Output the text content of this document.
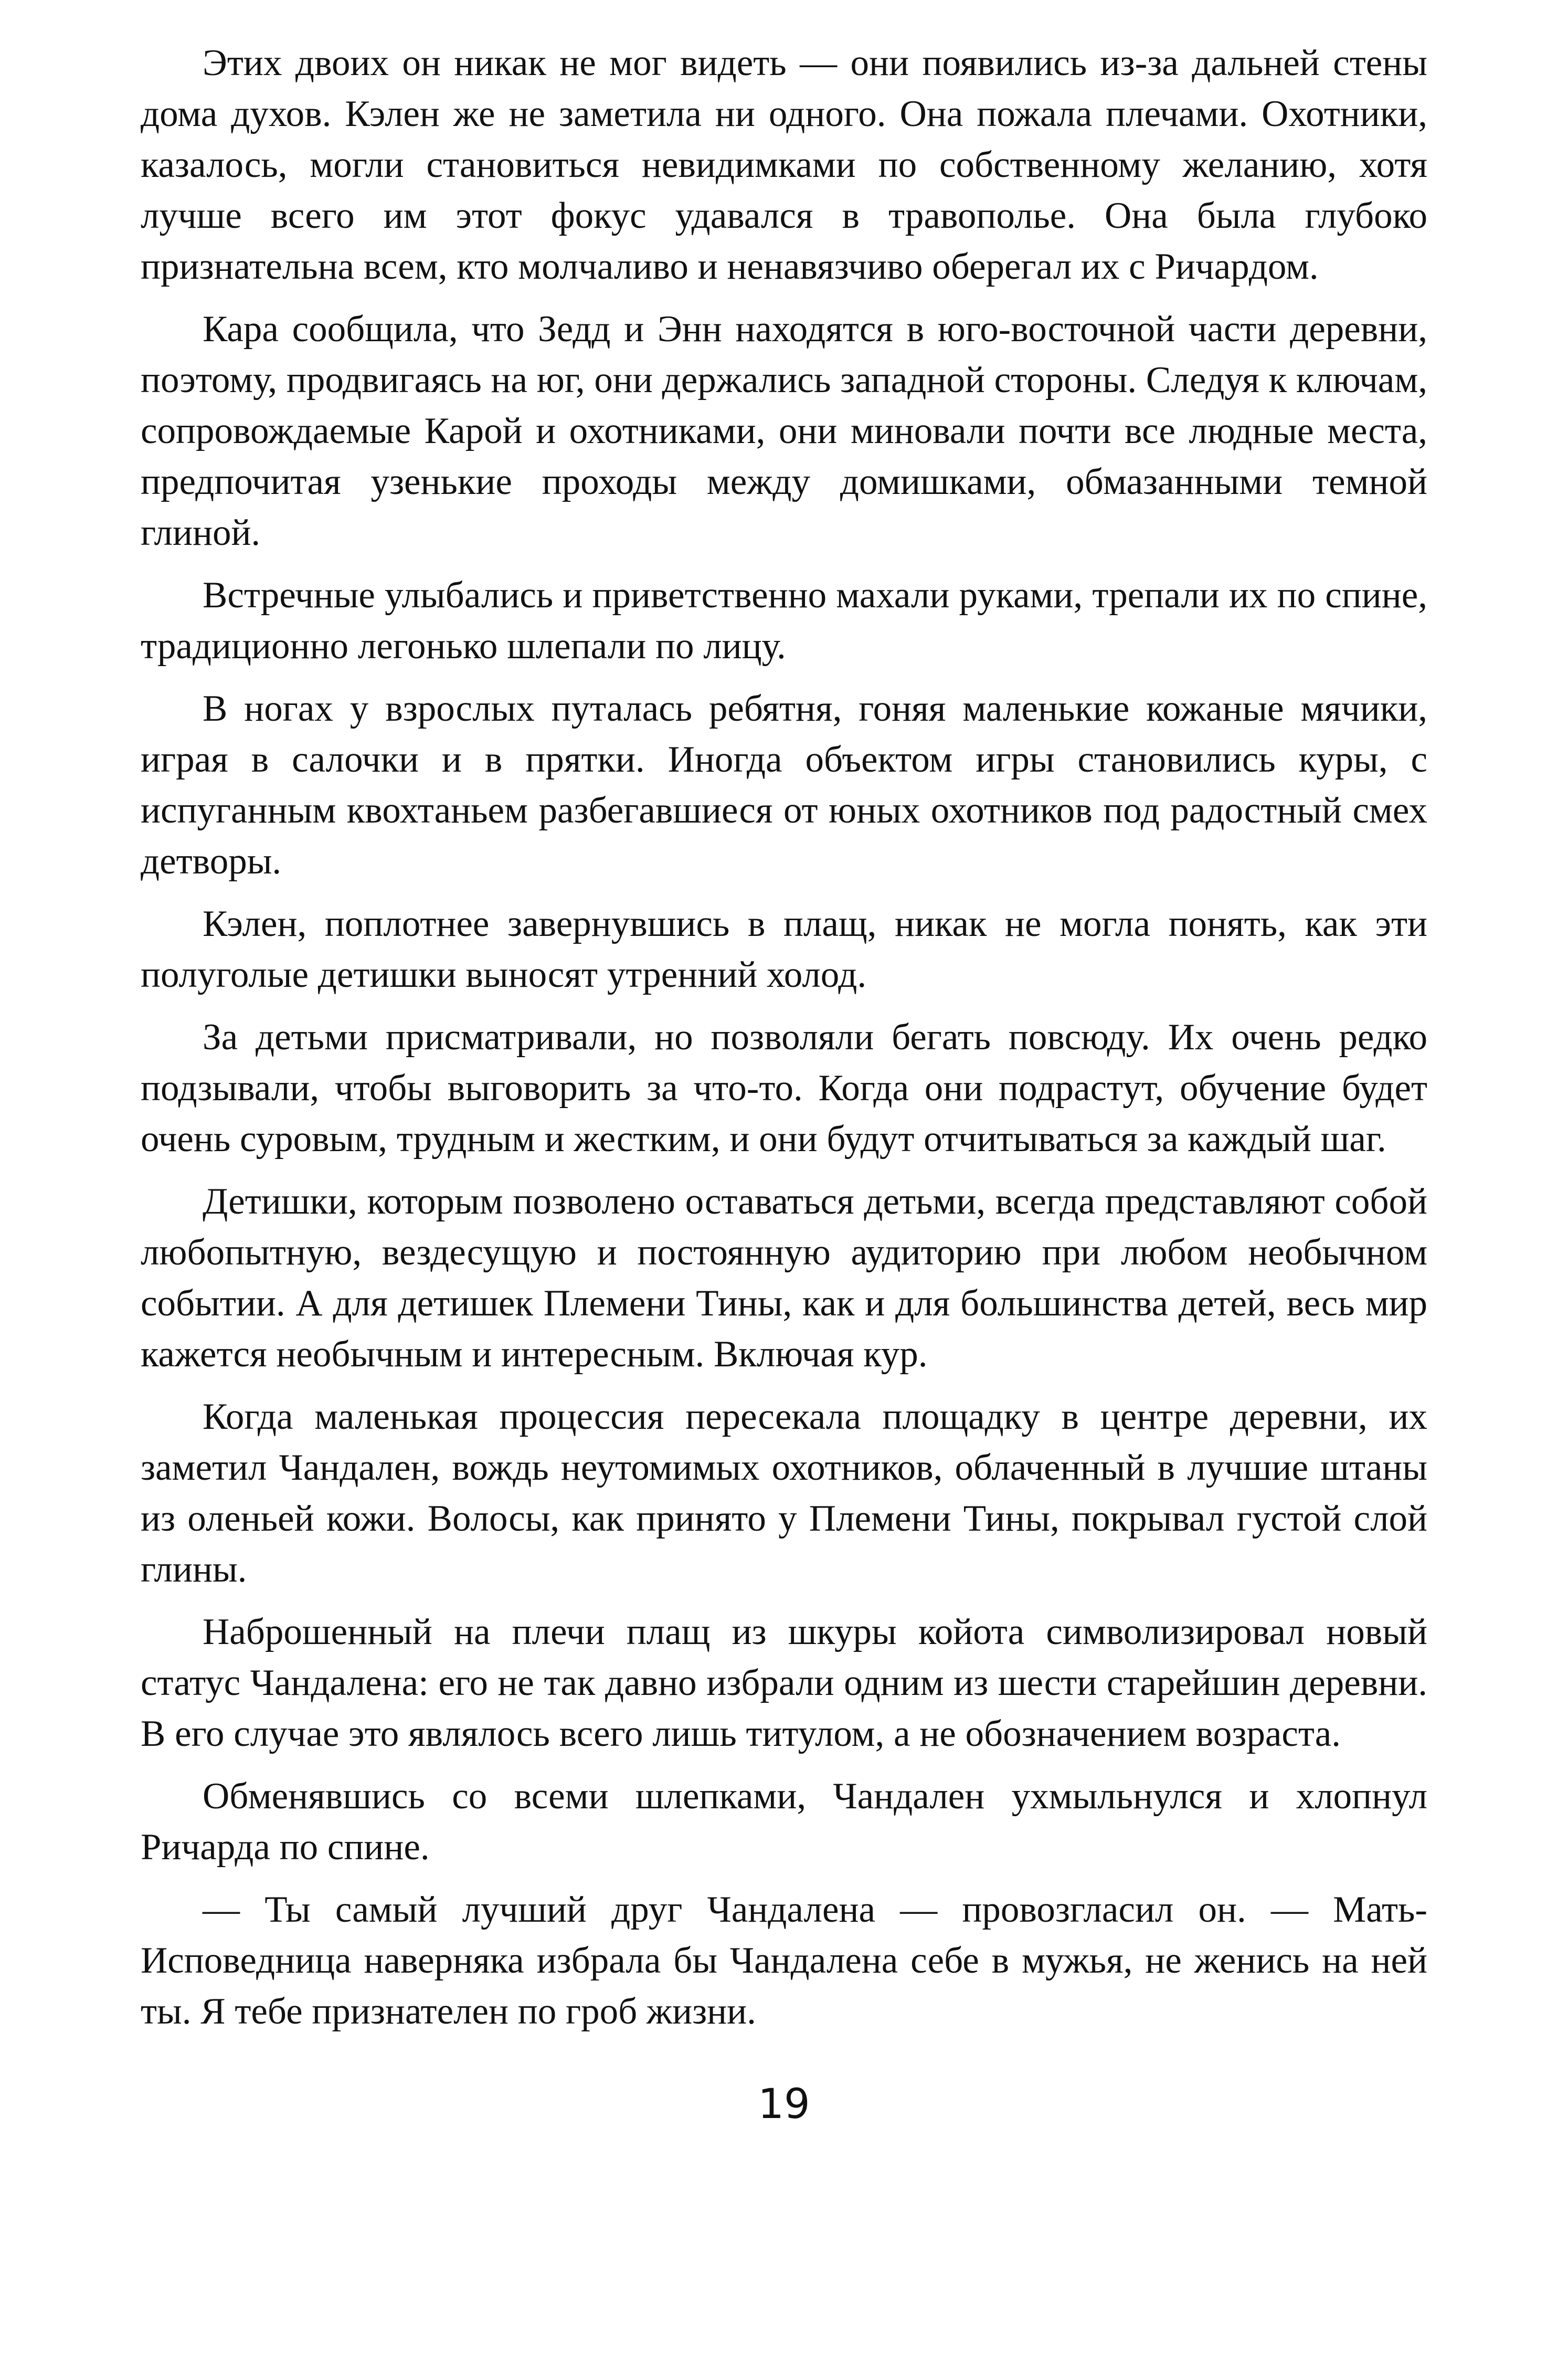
Этих двоих он никак не мог видеть — они появились из-за дальней стены дома духов. Кэлен же не заметила ни одного. Она пожала плечами. Охотники, казалось, могли становиться невидимками по собственному желанию, хотя лучше всего им этот фокус удавался в травополье. Она была глубоко признательна всем, кто молчаливо и ненавязчиво оберегал их с Ричардом.

Кара сообщила, что Зедд и Энн находятся в юго-восточной части деревни, поэтому, продвигаясь на юг, они держались западной стороны. Следуя к ключам, сопровождаемые Карой и охотниками, они миновали почти все людные места, предпочитая узенькие проходы между домишками, обмазанными темной глиной.

Встречные улыбались и приветственно махали руками, трепали их по спине, традиционно легонько шлепали по лицу.

В ногах у взрослых путалась ребятня, гоняя маленькие кожаные мячики, играя в салочки и в прятки. Иногда объектом игры становились куры, с испуганным квохтаньем разбегавшиеся от юных охотников под радостный смех детворы.

Кэлен, поплотнее завернувшись в плащ, никак не могла понять, как эти полуголые детишки выносят утренний холод.

За детьми присматривали, но позволяли бегать повсюду. Их очень редко подзывали, чтобы выговорить за что-то. Когда они подрастут, обучение будет очень суровым, трудным и жестким, и они будут отчитываться за каждый шаг.

Детишки, которым позволено оставаться детьми, всегда представляют собой любопытную, вездесущую и постоянную аудиторию при любом необычном событии. А для детишек Племени Тины, как и для большинства детей, весь мир кажется необычным и интересным. Включая кур.

Когда маленькая процессия пересекала площадку в центре деревни, их заметил Чандален, вождь неутомимых охотников, облаченный в лучшие штаны из оленьей кожи. Волосы, как принято у Племени Тины, покрывал густой слой глины.

Наброшенный на плечи плащ из шкуры койота символизировал новый статус Чандалена: его не так давно избрали одним из шести старейшин деревни. В его случае это являлось всего лишь титулом, а не обозначением возраста.

Обменявшись со всеми шлепками, Чандален ухмыльнулся и хлопнул Ричарда по спине.

— Ты самый лучший друг Чандалена — провозгласил он. — Мать-Исповедница наверняка избрала бы Чандалена себе в мужья, не женись на ней ты. Я тебе признателен по гроб жизни.

19
